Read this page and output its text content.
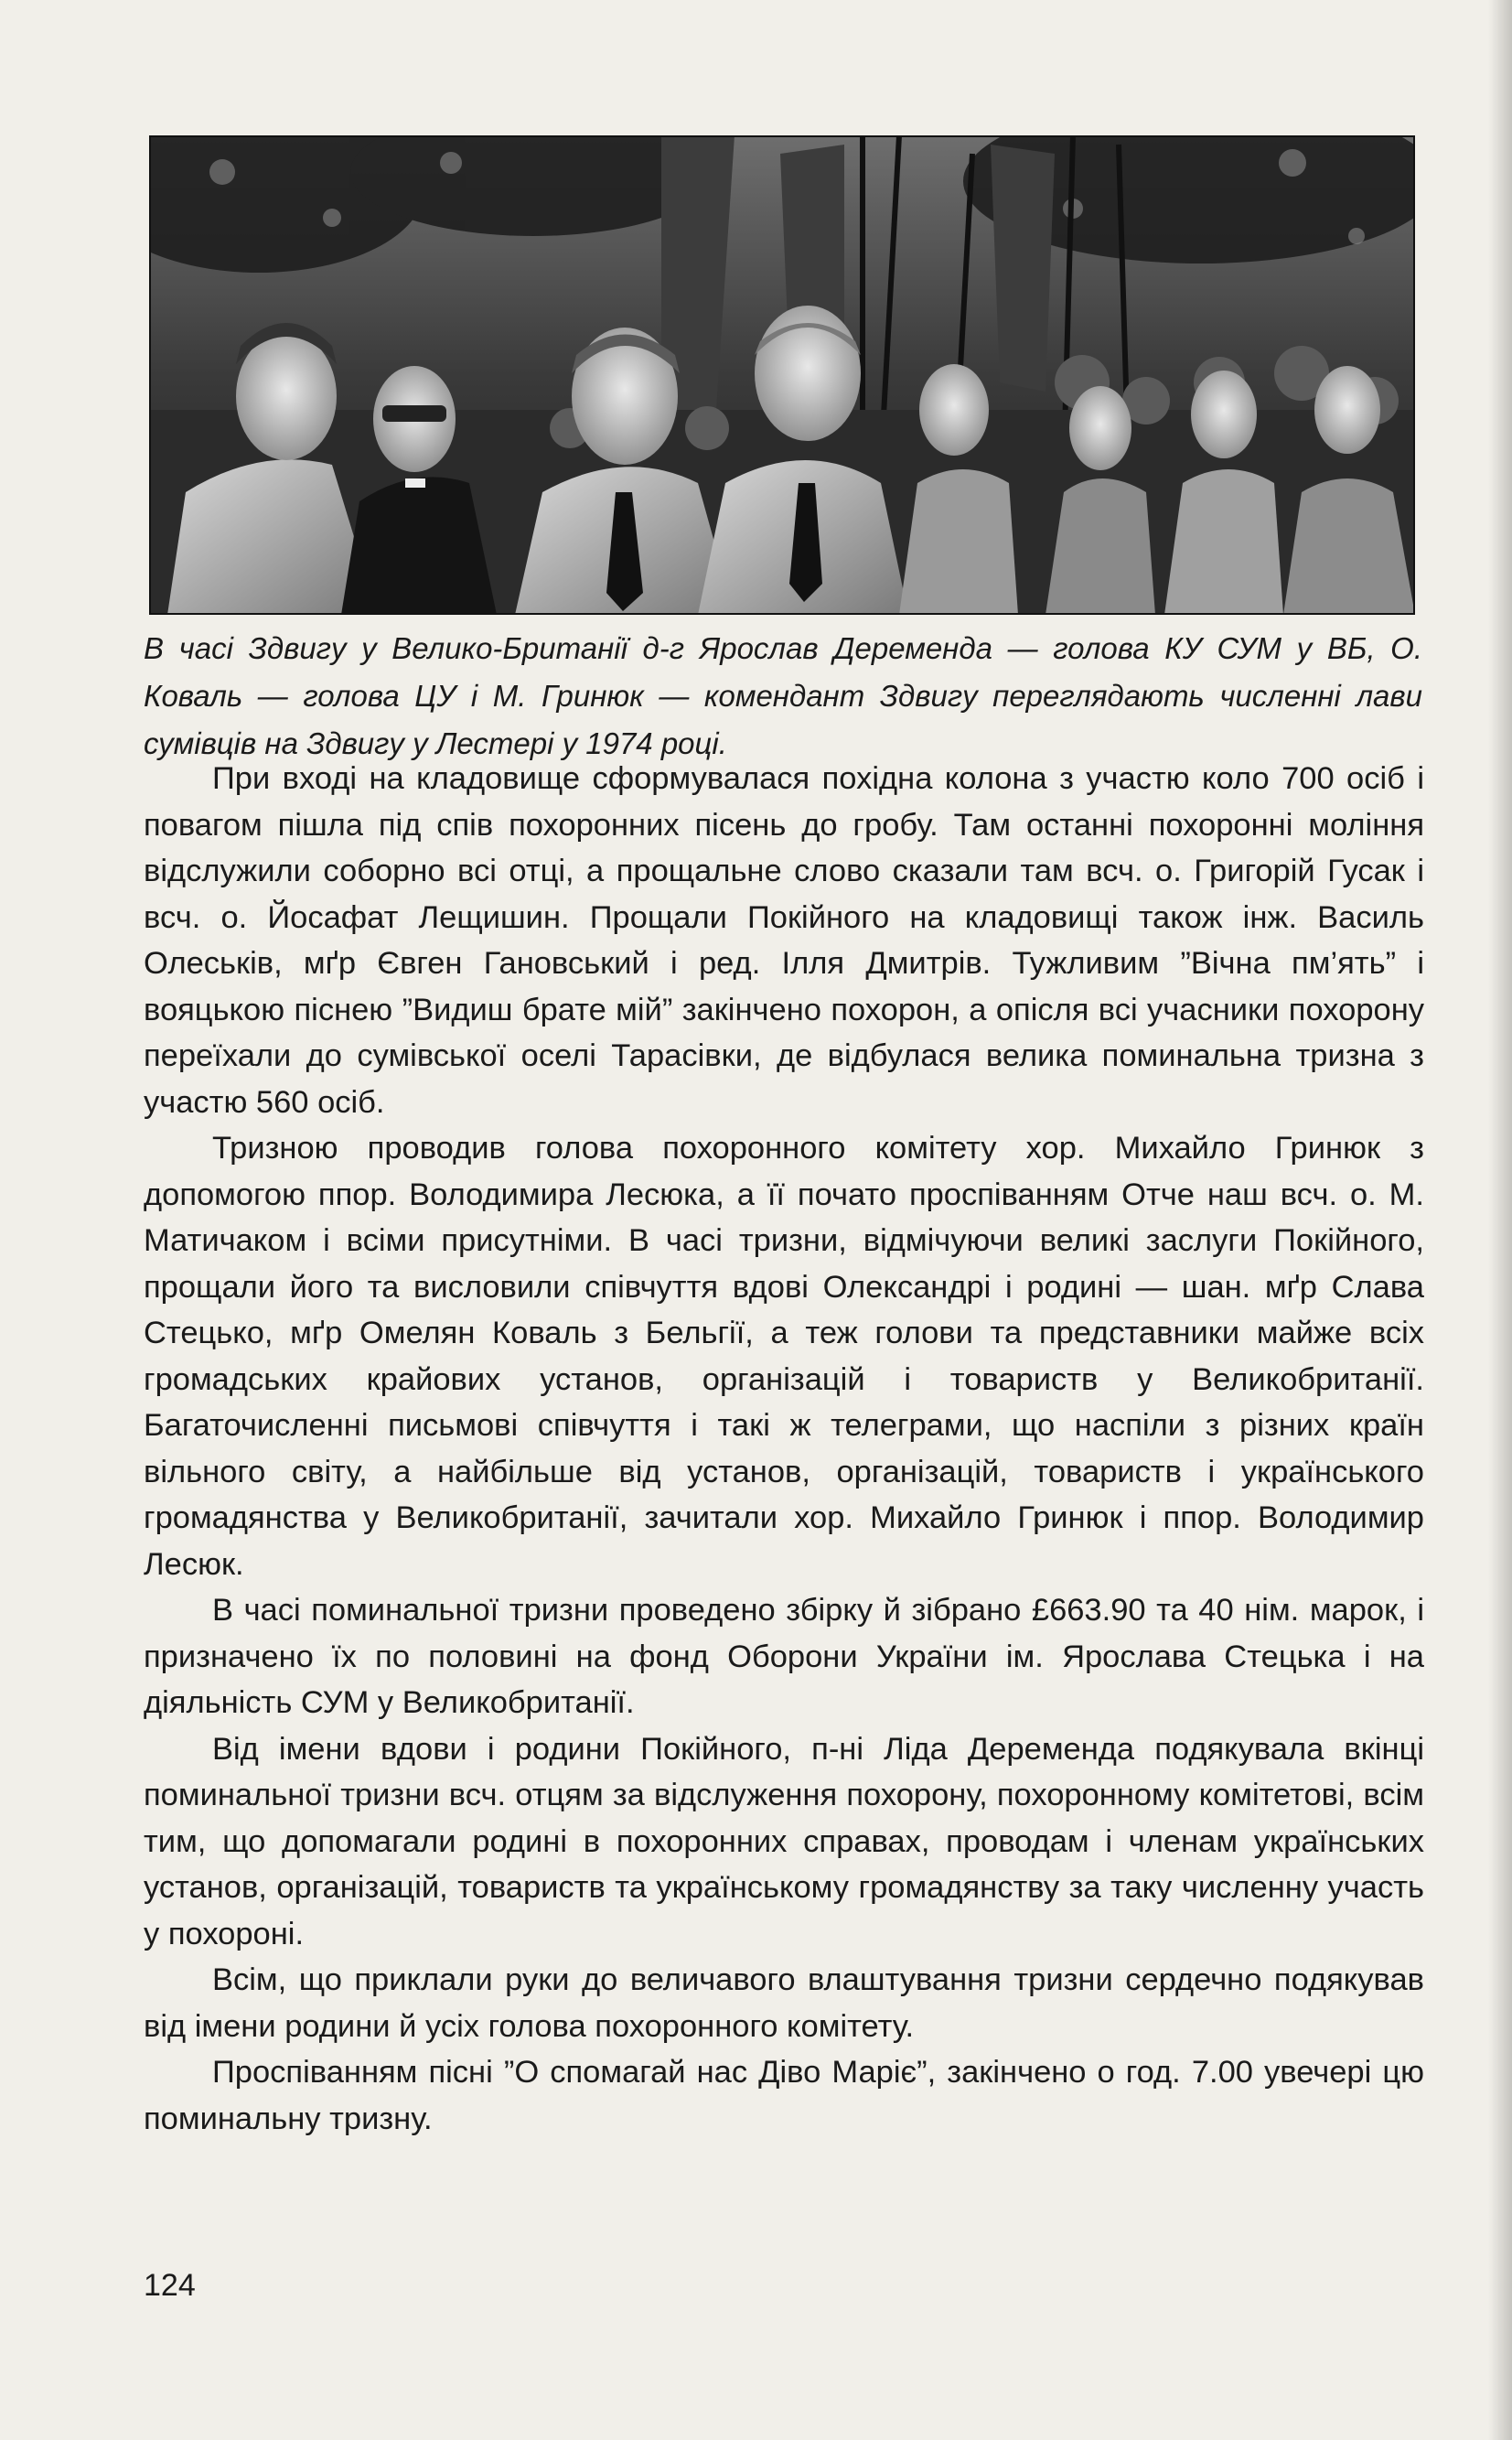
В часі Здвигу у Велико-Британії д-г Ярослав Деременда — голова КУ СУМ у ВБ, О. Коваль — голова ЦУ і М. Гринюк — комендант Здвигу переглядають численні лави сумівців на Здвигу у Лестері у 1974 році.

При вході на кладовище сформувалася похідна колона з участю коло 700 осіб і повагом пішла під спів похоронних пісень до гробу. Там останні похоронні моління відслужили соборно всі отці, а прощальне слово сказали там всч. о. Григорій Гусак і всч. о. Йосафат Лещишин. Прощали Покійного на кладовищі також інж. Василь Олеськів, мґр Євген Гановський і ред. Ілля Дмитрів. Тужливим ”Вічна пм’ять” і вояцькою піснею ”Видиш брате мій” закінчено похорон, а опісля всі учасники похорону переїхали до сумівської оселі Тарасівки, де відбулася велика поминальна тризна з участю 560 осіб.

Тризною проводив голова похоронного комітету хор. Михайло Гринюк з допомогою ппор. Володимира Лесюка, а її почато проспіванням Отче наш всч. о. М. Матичаком і всіми присутніми. В часі тризни, відмічуючи великі заслуги Покійного, прощали його та висловили співчуття вдові Олександрі і родині — шан. мґр Слава Стецько, мґр Омелян Коваль з Бельгії, а теж голови та представники майже всіх громадських крайових установ, організацій і товариств у Великобританії. Багаточисленні письмові співчуття і такі ж телеграми, що наспіли з різних країн вільного світу, а найбільше від установ, організацій, товариств і українського громадянства у Великобританії, зачитали хор. Михайло Гринюк і ппор. Володимир Лесюк.

В часі поминальної тризни проведено збірку й зібрано £663.90 та 40 нім. марок, і призначено їх по половині на фонд Оборони України ім. Ярослава Стецька і на діяльність СУМ у Великобританії.

Від імени вдови і родини Покійного, п-ні Ліда Деременда подякувала вкінці поминальної тризни всч. отцям за відслуження похорону, похоронному комітетові, всім тим, що допомагали родині в похоронних справах, проводам і членам українських установ, організацій, товариств та українському громадянству за таку численну участь у похороні.

Всім, що приклали руки до величавого влаштування тризни сердечно подякував від імени родини й усіх голова похоронного комітету.

Проспіванням пісні ”О спомагай нас Діво Маріє”, закінчено о год. 7.00 увечері цю поминальну тризну.

124
